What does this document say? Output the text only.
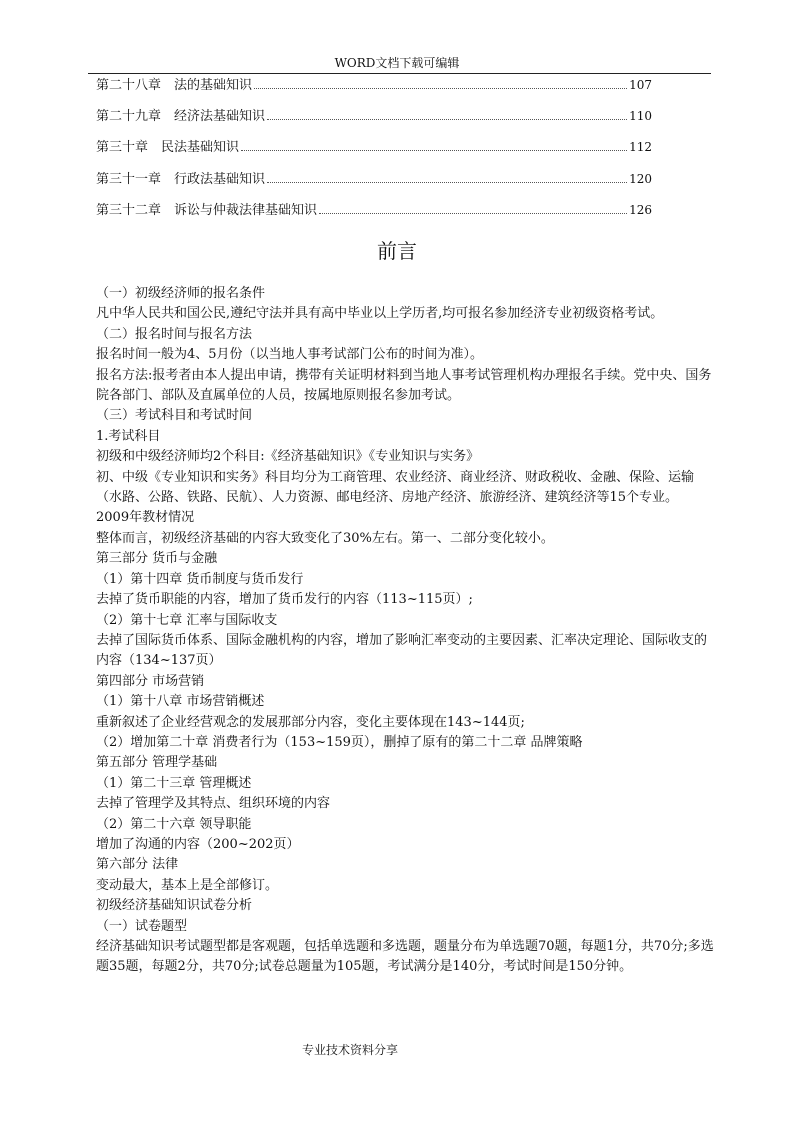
WORD文档下载可编辑
第二十八章　法的基础知识	107
第二十九章　经济法基础知识	110
第三十章　民法基础知识	112
第三十一章　行政法基础知识	120
第三十二章　诉讼与仲裁法律基础知识	126
前言

（一）初级经济师的报名条件

凡中华人民共和国公民,遵纪守法并具有高中毕业以上学历者,均可报名参加经济专业初级资格考试。

（二）报名时间与报名方法

报名时间一般为4、5月份（以当地人事考试部门公布的时间为准）。

报名方法:报考者由本人提出申请，携带有关证明材料到当地人事考试管理机构办理报名手续。党中央、国务院各部门、部队及直属单位的人员，按属地原则报名参加考试。

（三）考试科目和考试时间

1.考试科目

初级和中级经济师均2个科目:《经济基础知识》《专业知识与实务》

初、中级《专业知识和实务》科目均分为工商管理、农业经济、商业经济、财政税收、金融、保险、运输（水路、公路、铁路、民航）、人力资源、邮电经济、房地产经济、旅游经济、建筑经济等15个专业。

2009年教材情况

整体而言，初级经济基础的内容大致变化了30%左右。第一、二部分变化较小。

第三部分 货币与金融

（1）第十四章 货币制度与货币发行

去掉了货币职能的内容，增加了货币发行的内容（113~115页）;

（2）第十七章 汇率与国际收支

去掉了国际货币体系、国际金融机构的内容，增加了影响汇率变动的主要因素、汇率决定理论、国际收支的内容（134~137页）

第四部分 市场营销

（1）第十八章 市场营销概述

重新叙述了企业经营观念的发展那部分内容，变化主要体现在143~144页;

（2）增加第二十章 消费者行为（153~159页），删掉了原有的第二十二章 品牌策略

第五部分 管理学基础

（1）第二十三章 管理概述

去掉了管理学及其特点、组织环境的内容

（2）第二十六章 领导职能

增加了沟通的内容（200~202页）

第六部分 法律

变动最大，基本上是全部修订。

初级经济基础知识试卷分析

（一）试卷题型

经济基础知识考试题型都是客观题，包括单选题和多选题，题量分布为单选题70题，每题1分，共70分;多选题35题，每题2分，共70分;试卷总题量为105题，考试满分是140分，考试时间是150分钟。

专业技术资料分享
